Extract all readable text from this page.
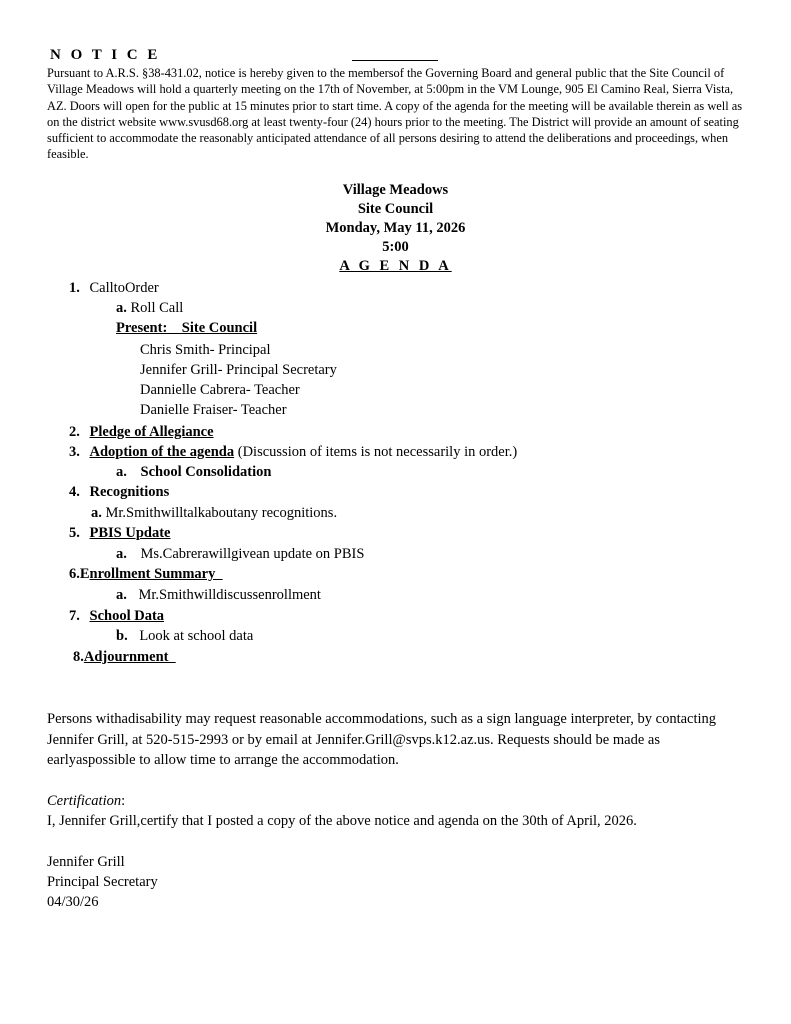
N O T I C E
Pursuant to A.R.S. §38-431.02, notice is hereby given to the membersof the Governing Board and general public that the Site Council of Village Meadows will hold a quarterly meeting on the 17th of November, at 5:00pm in the VM Lounge, 905 El Camino Real, Sierra Vista, AZ. Doors will open for the public at 15 minutes prior to start time. A copy of the agenda for the meeting will be available therein as well as on the district website www.svusd68.org at least twenty-four (24) hours prior to the meeting. The District will provide an amount of seating sufficient to accommodate the reasonably anticipated attendance of all persons desiring to attend the deliberations and proceedings, when feasible.
Village Meadows
Site Council
Monday, May 11, 2026
5:00
A G E N D A
1. CalltoOrder
a. Roll Call
Present:    Site Council
Chris Smith- Principal
Jennifer Grill- Principal Secretary
Dannielle Cabrera- Teacher
Danielle Fraiser- Teacher
2. Pledge of Allegiance
3. Adoption of the agenda (Discussion of items is not necessarily in order.)
a. School Consolidation
4. Recognitions
a. Mr.Smithwilltalkaboutany recognitions.
5. PBIS Update
a. Ms.Cabrerawillgivean update on PBIS
6.Enrollment Summary
a. Mr.Smithwilldiscussenrollment
7. School Data
b. Look at school data
8.Adjournment
Persons withadisability may request reasonable accommodations, such as a sign language interpreter, by contacting Jennifer Grill, at 520-515-2993 or by email at Jennifer.Grill@svps.k12.az.us. Requests should be made as earlyaspossible to allow time to arrange the accommodation.
Certification:
I, Jennifer Grill,certify that I posted a copy of the above notice and agenda on the 30th of April, 2026.
Jennifer Grill
Principal Secretary
04/30/26
